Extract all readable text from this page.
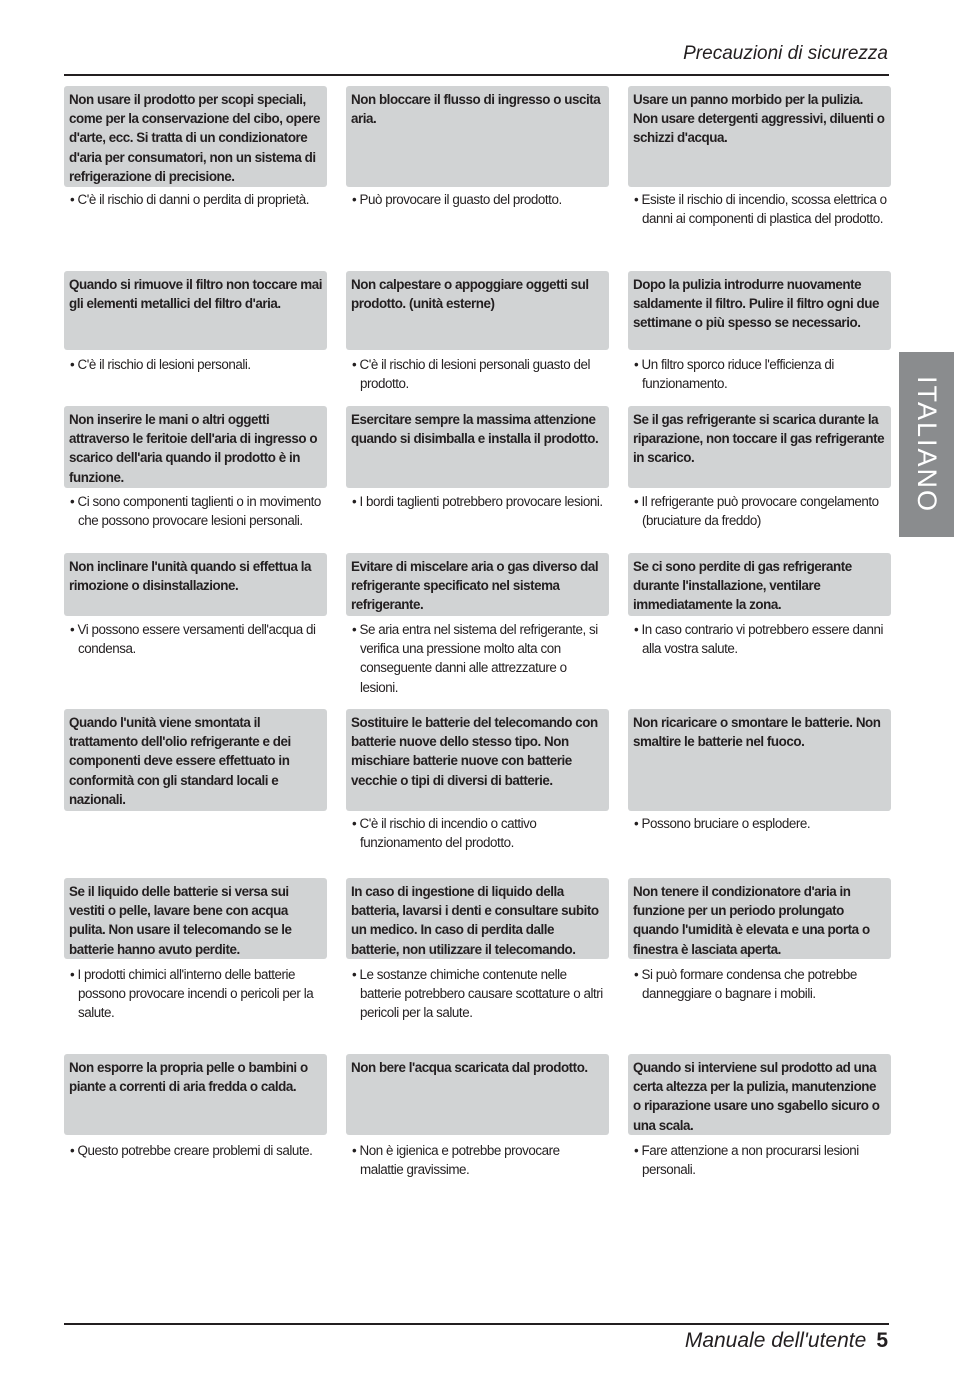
Precauzioni di sicurezza
ITALIANO
Non usare il prodotto per scopi speciali, come per la conservazione del cibo, opere d'arte, ecc. Si tratta di un condizionatore d'aria per consumatori, non un sistema di refrigerazione di precisione.
• C'è il rischio di danni o perdita di proprietà.
Quando si rimuove il filtro non toccare mai gli elementi metallici del filtro d'aria.
• C'è il rischio di lesioni personali.
Non inserire le mani o altri oggetti attraverso le feritoie dell'aria di ingresso o scarico dell'aria quando il prodotto è in funzione.
• Ci sono componenti taglienti o in movimento che possono provocare lesioni personali.
Non inclinare l'unità quando si effettua la rimozione o disinstallazione.
• Vi possono essere versamenti dell'acqua di condensa.
Quando l'unità viene smontata il trattamento dell'olio refrigerante e dei componenti deve essere effettuato in conformità con gli standard locali e nazionali.
Se il liquido delle batterie si versa sui vestiti o pelle, lavare bene con acqua pulita. Non usare il telecomando se le batterie hanno avuto perdite.
• I prodotti chimici all'interno delle batterie possono provocare incendi o pericoli per la salute.
Non esporre la propria pelle o bambini o piante a correnti di aria fredda o calda.
• Questo potrebbe creare problemi di salute.
Non bloccare il flusso di ingresso o uscita aria.
• Può provocare il guasto del prodotto.
Non calpestare o appoggiare oggetti sul prodotto. (unità esterne)
• C'è il rischio di lesioni personali guasto del prodotto.
Esercitare sempre la massima attenzione quando si disimballa e installa il prodotto.
• I bordi taglienti potrebbero provocare lesioni.
Evitare di miscelare aria o gas diverso dal refrigerante specificato nel sistema refrigerante.
• Se aria entra nel sistema del refrigerante, si verifica una pressione molto alta con conseguente danni alle attrezzature o lesioni.
Sostituire le batterie del telecomando con batterie nuove dello stesso tipo. Non mischiare batterie nuove con batterie vecchie o tipi di diversi di batterie.
• C'è il rischio di incendio o cattivo funzionamento del prodotto.
In caso di ingestione di liquido della batteria, lavarsi i denti e consultare subito un medico. In caso di perdita dalle batterie, non utilizzare il telecomando.
• Le sostanze chimiche contenute nelle batterie potrebbero causare scottature o altri pericoli per la salute.
Non bere l'acqua scaricata dal prodotto.
• Non è igienica e potrebbe provocare malattie gravissime.
Usare un panno morbido per la pulizia. Non usare detergenti aggressivi, diluenti o schizzi d'acqua.
• Esiste il rischio di incendio, scossa elettrica o danni ai componenti di plastica del prodotto.
Dopo la pulizia introdurre nuovamente saldamente il filtro. Pulire il filtro ogni due settimane o più spesso se necessario.
• Un filtro sporco riduce l'efficienza di funzionamento.
Se il gas refrigerante si scarica durante la riparazione, non toccare il gas refrigerante in scarico.
• Il refrigerante può provocare congelamento (bruciature da freddo)
Se ci sono perdite di gas refrigerante durante l'installazione, ventilare immediatamente la zona.
• In caso contrario vi potrebbero essere danni alla vostra salute.
Non ricaricare o smontare le batterie. Non smaltire le batterie nel fuoco.
• Possono bruciare o esplodere.
Non tenere il condizionatore d'aria in funzione per un periodo prolungato quando l'umidità è elevata e una porta o finestra è lasciata aperta.
• Si può formare condensa che potrebbe danneggiare o bagnare i mobili.
Quando si interviene sul prodotto ad una certa altezza per la pulizia, manutenzione o riparazione usare uno sgabello sicuro o una scala.
• Fare attenzione a non procurarsi lesioni personali.
Manuale dell'utente 5
